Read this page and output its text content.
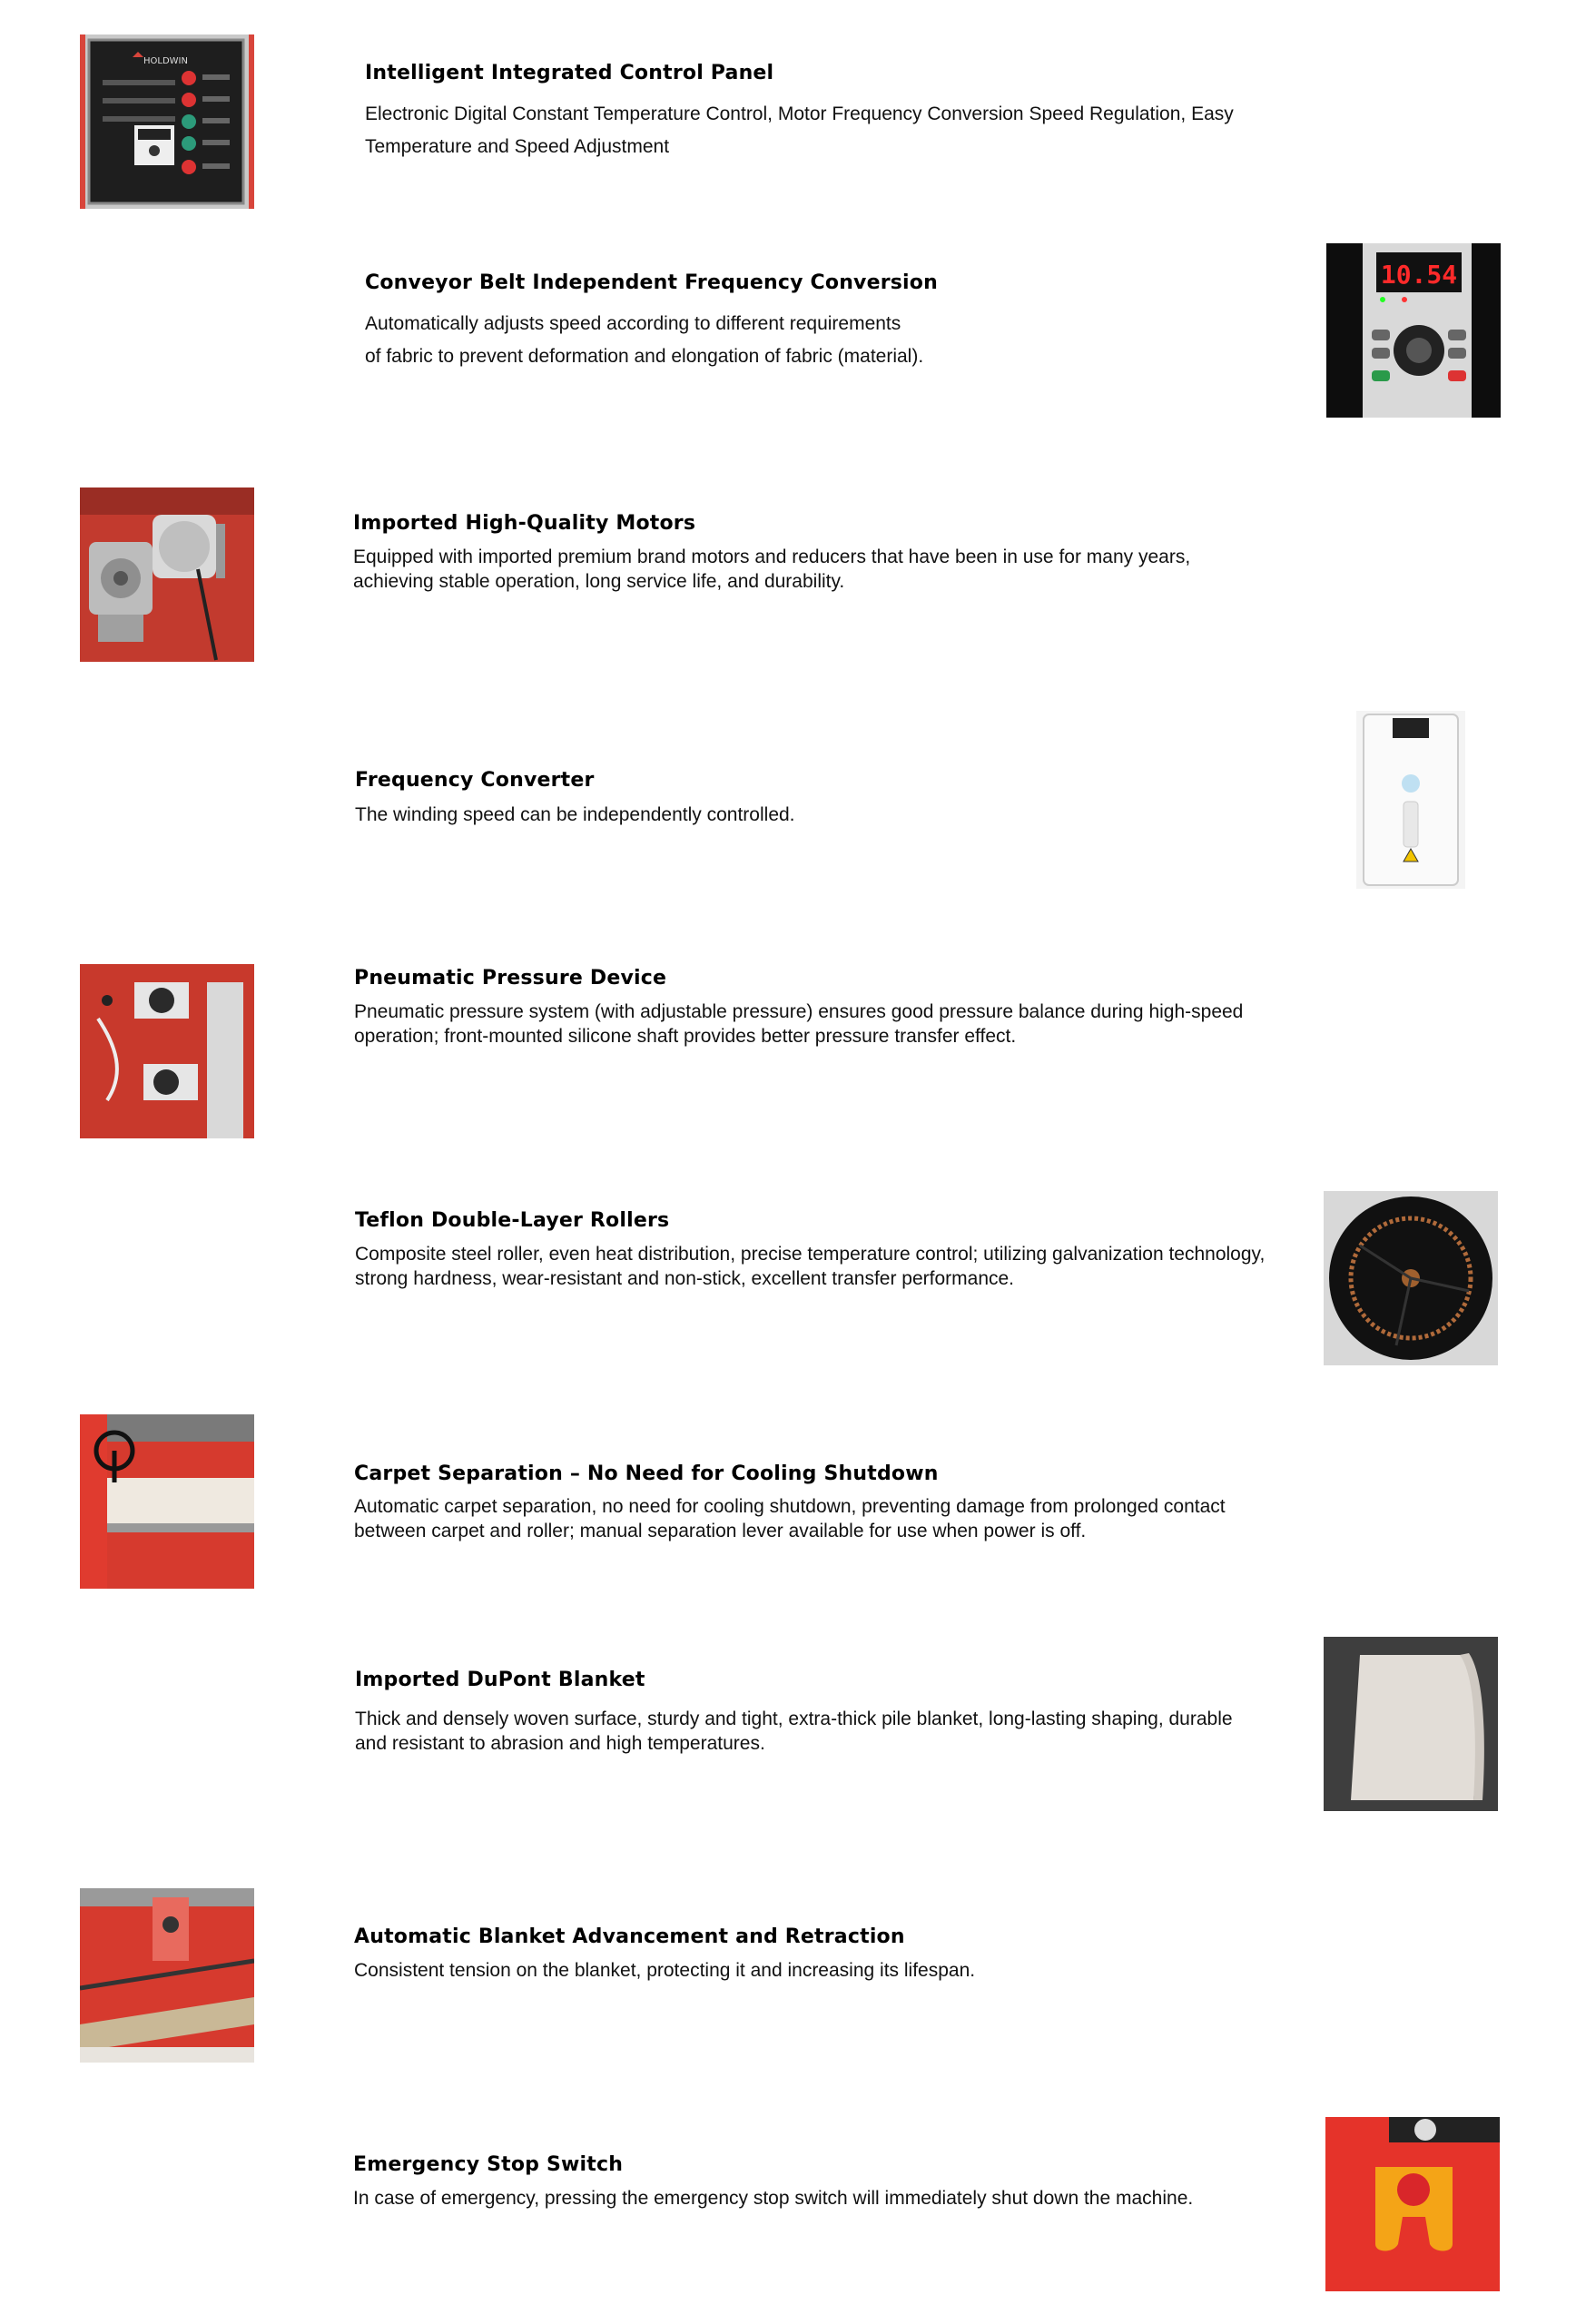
HOLDWIN
Intelligent Integrated Control Panel

Electronic Digital Constant Temperature Control, Motor Frequency Conversion Speed Regulation, Easy

Temperature and Speed Adjustment

Conveyor Belt Independent Frequency Conversion

Automatically adjusts speed according to different requirements

of fabric to prevent deformation and elongation of fabric (material).

10.54
Imported High-Quality Motors

Equipped with imported premium brand motors and reducers that have been in use for many years,

achieving stable operation, long service life, and durability.

Frequency Converter

The winding speed can be independently controlled.

Pneumatic Pressure Device

Pneumatic pressure system (with adjustable pressure) ensures good pressure balance during high-speed

operation; front-mounted silicone shaft provides better pressure transfer effect.

Teflon Double-Layer Rollers

Composite steel roller, even heat distribution, precise temperature control; utilizing galvanization technology,

strong hardness, wear-resistant and non-stick, excellent transfer performance.

Carpet Separation – No Need for Cooling Shutdown

Automatic carpet separation, no need for cooling shutdown, preventing damage from prolonged contact

between carpet and roller; manual separation lever available for use when power is off.

Imported DuPont Blanket

Thick and densely woven surface, sturdy and tight, extra-thick pile blanket, long-lasting shaping, durable

and resistant to abrasion and high temperatures.

Automatic Blanket Advancement and Retraction

Consistent tension on the blanket, protecting it and increasing its lifespan.

Emergency Stop Switch

In case of emergency, pressing the emergency stop switch will immediately shut down the machine.
